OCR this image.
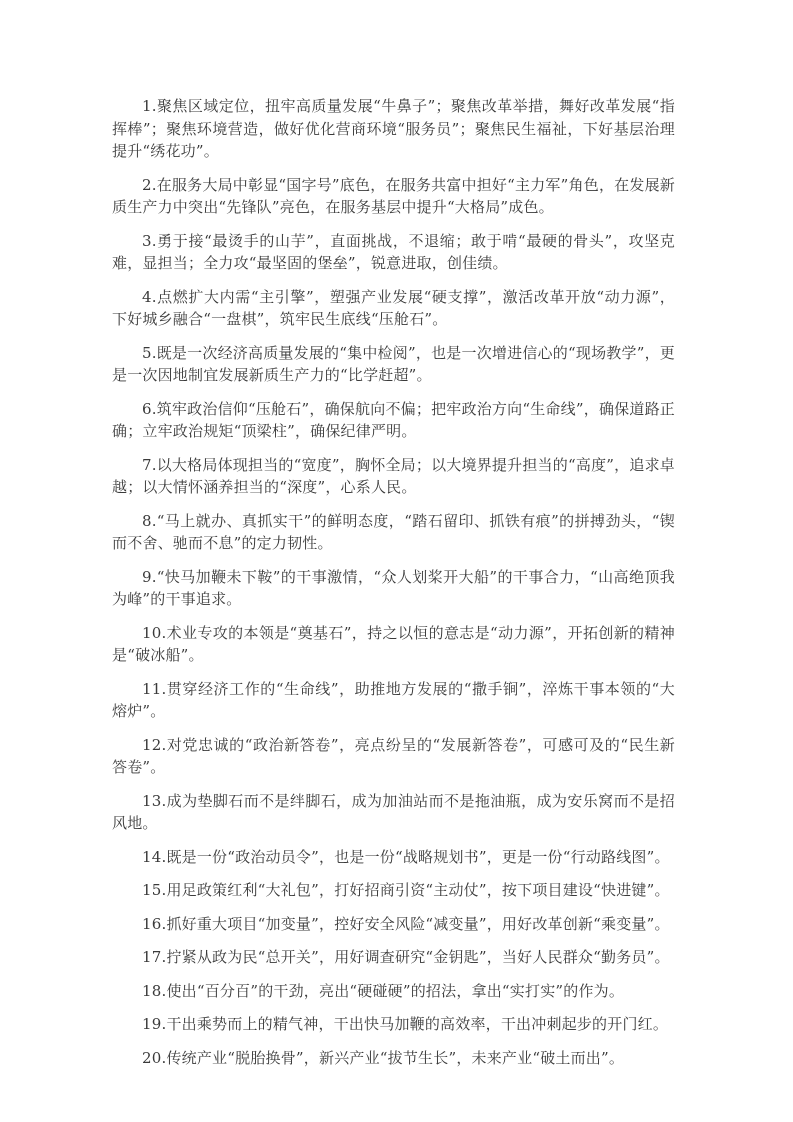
1.聚焦区域定位，扭牢高质量发展“牛鼻子”；聚焦改革举措，舞好改革发展“指挥棒”；聚焦环境营造，做好优化营商环境“服务员”；聚焦民生福祉，下好基层治理提升“绣花功”。

2.在服务大局中彰显“国字号”底色，在服务共富中担好“主力军”角色，在发展新质生产力中突出“先锋队”亮色，在服务基层中提升“大格局”成色。

3.勇于接“最烫手的山芋”，直面挑战，不退缩；敢于啃“最硬的骨头”，攻坚克难，显担当；全力攻“最坚固的堡垒”，锐意进取，创佳绩。

4.点燃扩大内需“主引擎”，塑强产业发展“硬支撑”，激活改革开放“动力源”，下好城乡融合“一盘棋”，筑牢民生底线“压舱石”。

5.既是一次经济高质量发展的“集中检阅”，也是一次增进信心的“现场教学”，更是一次因地制宜发展新质生产力的“比学赶超”。

6.筑牢政治信仰“压舱石”，确保航向不偏；把牢政治方向“生命线”，确保道路正确；立牢政治规矩“顶梁柱”，确保纪律严明。

7.以大格局体现担当的“宽度”，胸怀全局；以大境界提升担当的“高度”，追求卓越；以大情怀涵养担当的“深度”，心系人民。

8.“马上就办、真抓实干”的鲜明态度，“踏石留印、抓铁有痕”的拼搏劲头，“锲而不舍、驰而不息”的定力韧性。

9.“快马加鞭未下鞍”的干事激情，“众人划桨开大船”的干事合力，“山高绝顶我为峰”的干事追求。

10.术业专攻的本领是“奠基石”，持之以恒的意志是“动力源”，开拓创新的精神是“破冰船”。

11.贯穿经济工作的“生命线”，助推地方发展的“撒手锏”，淬炼干事本领的“大熔炉”。

12.对党忠诚的“政治新答卷”，亮点纷呈的“发展新答卷”，可感可及的“民生新答卷”。

13.成为垫脚石而不是绊脚石，成为加油站而不是拖油瓶，成为安乐窝而不是招风地。

14.既是一份“政治动员令”，也是一份“战略规划书”，更是一份“行动路线图”。

15.用足政策红利“大礼包”，打好招商引资“主动仗”，按下项目建设“快进键”。

16.抓好重大项目“加变量”，控好安全风险“减变量”，用好改革创新“乘变量”。

17.拧紧从政为民“总开关”，用好调查研究“金钥匙”，当好人民群众“勤务员”。

18.使出“百分百”的干劲，亮出“硬碰硬”的招法，拿出“实打实”的作为。

19.干出乘势而上的精气神，干出快马加鞭的高效率，干出冲刺起步的开门红。

20.传统产业“脱胎换骨”，新兴产业“拔节生长”，未来产业“破土而出”。
